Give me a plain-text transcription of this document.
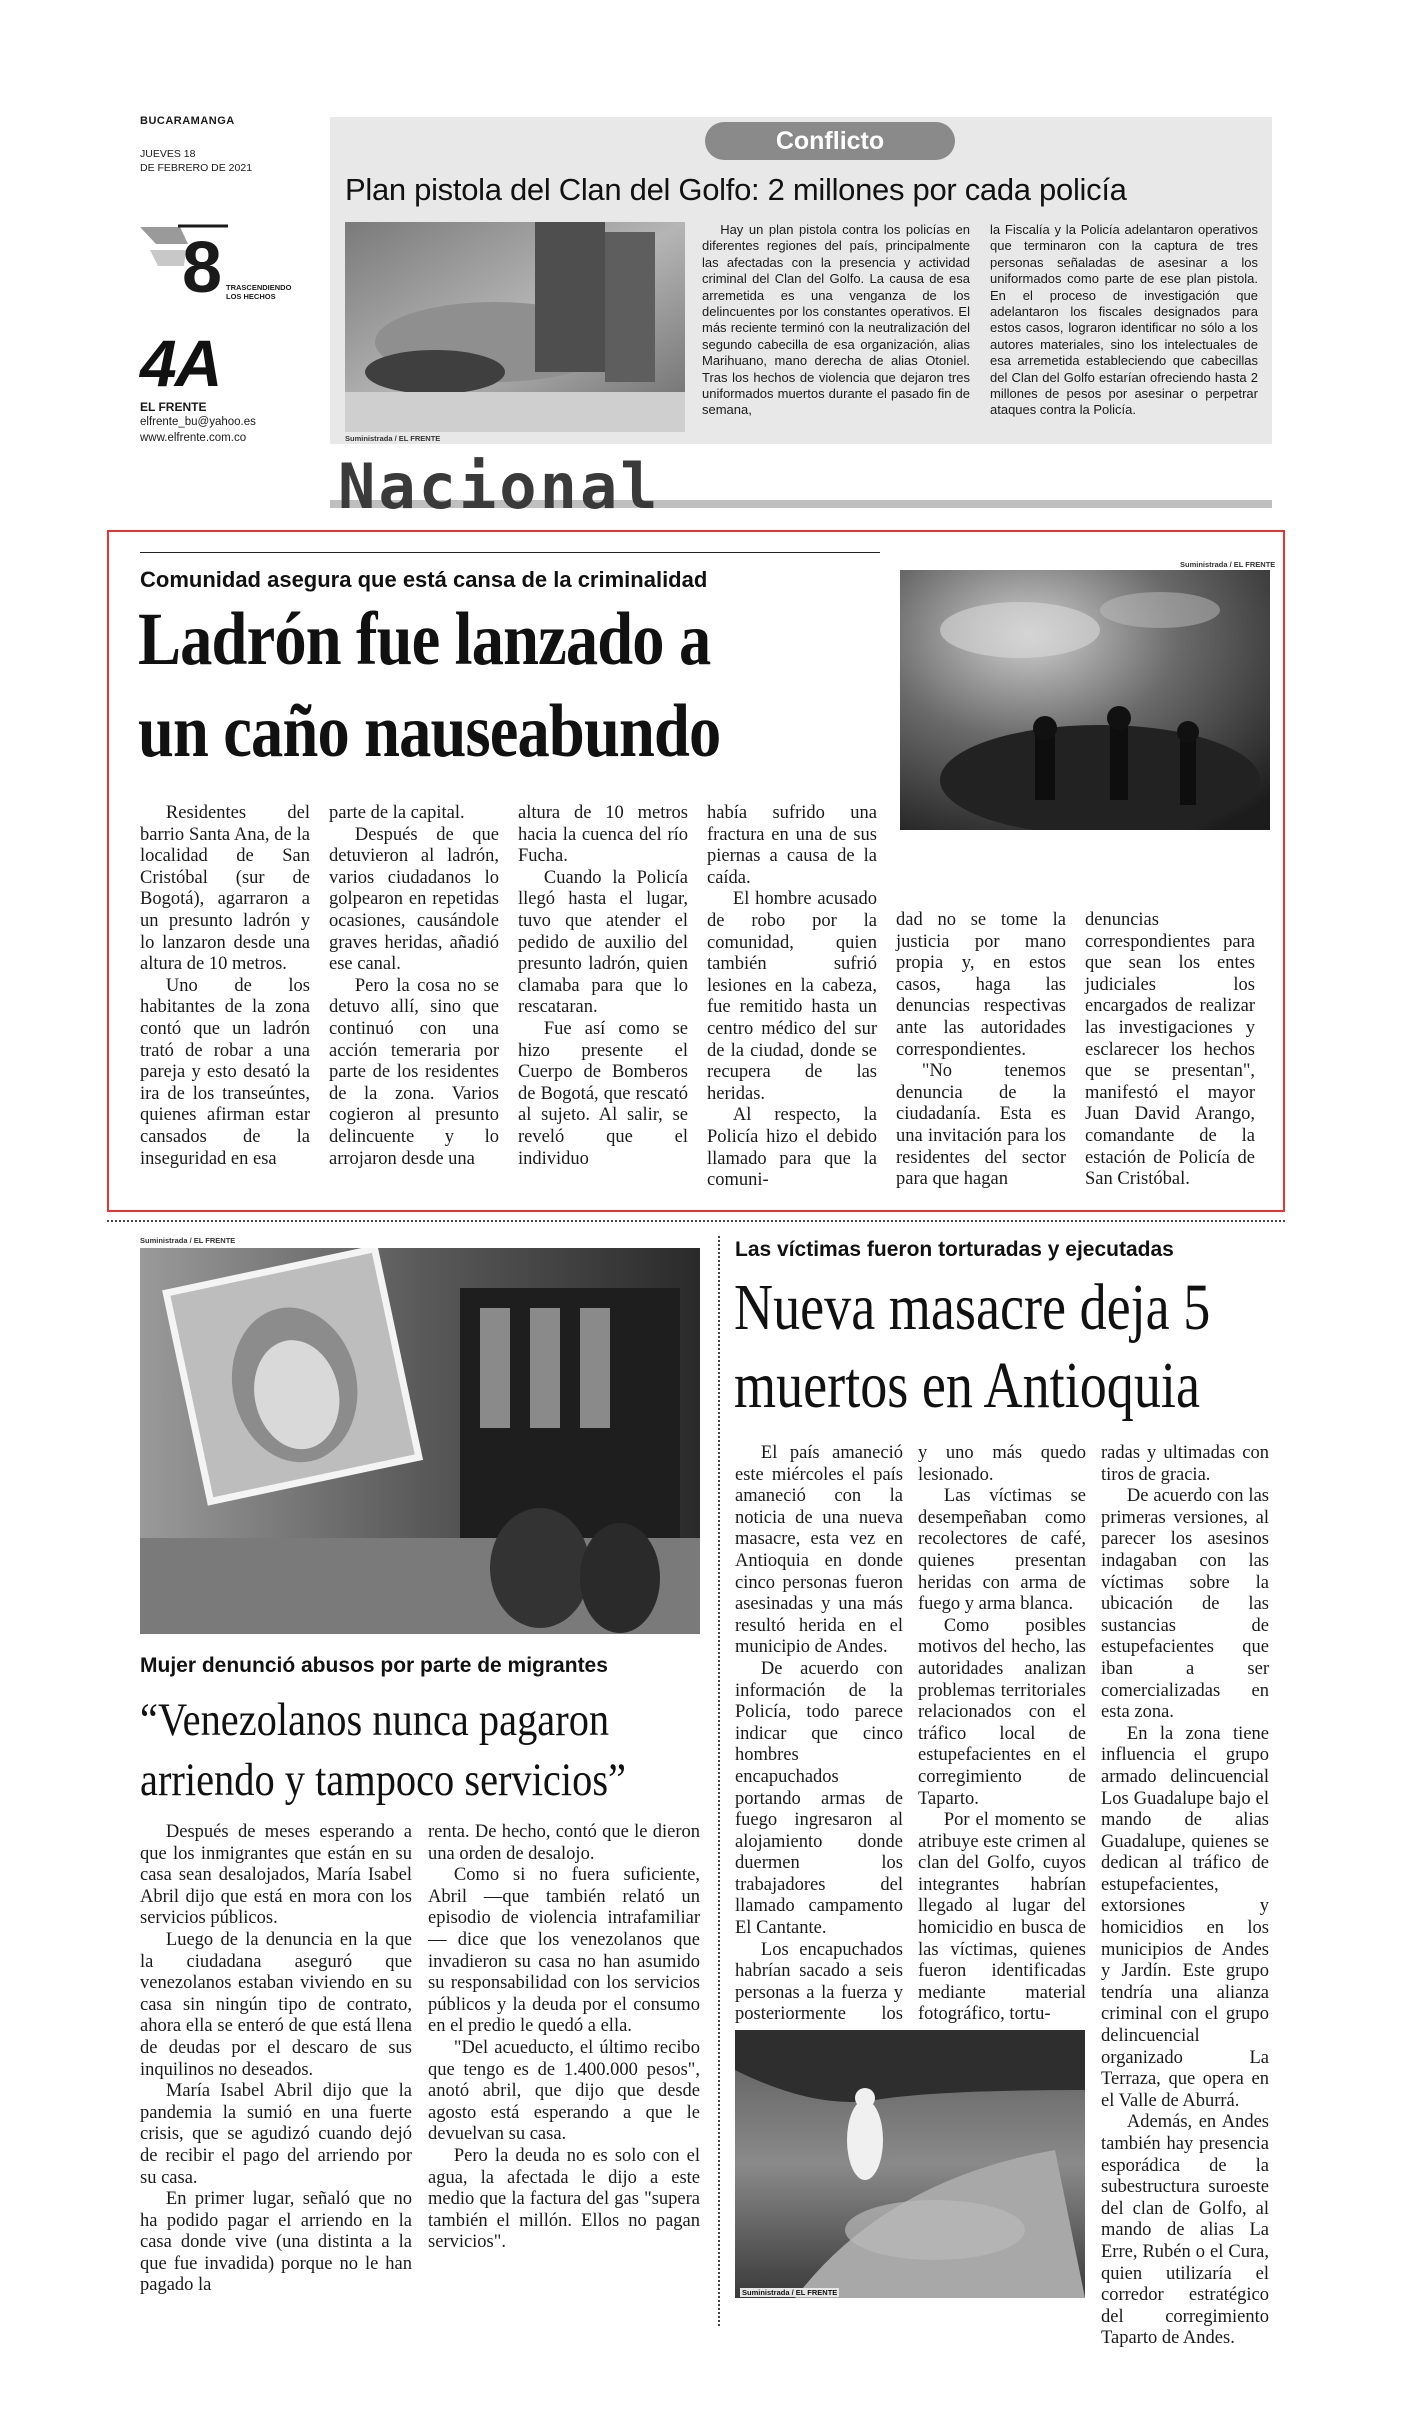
BUCARAMANGA
JUEVES 18
DE FEBRERO DE 2021
8 TRASCENDIENDO
LOS HECHOS
4A
EL FRENTE
elfrente_bu@yahoo.es
www.elfrente.com.co
Conflicto
Plan pistola del Clan del Golfo: 2 millones por cada policía
Suministrada / EL FRENTE
Hay un plan pistola contra los policías en diferentes regiones del país, principalmente las afectadas con la presencia y actividad criminal del Clan del Golfo. La causa de esa arremetida es una venganza de los delincuentes por los constantes operativos. El más reciente terminó con la neutralización del segundo cabecilla de esa organización, alias Marihuano, mano derecha de alias Otoniel. Tras los hechos de violencia que dejaron tres uniformados muertos durante el pasado fin de semana,
la Fiscalía y la Policía adelantaron operativos que terminaron con la captura de tres personas señaladas de asesinar a los uniformados como parte de ese plan pistola. En el proceso de investigación que adelantaron los fiscales designados para estos casos, lograron identificar no sólo a los autores materiales, sino los intelectuales de esa arremetida estableciendo que cabecillas del Clan del Golfo estarían ofreciendo hasta 2 millones de pesos por asesinar o perpetrar ataques contra la Policía.
Nacional
Comunidad asegura que está cansa de la criminalidad
Ladrón fue lanzado a
un caño nauseabundo
Suministrada / EL FRENTE

Residentes del barrio Santa Ana, de la localidad de San Cristóbal (sur de Bogotá), agarraron a un presunto ladrón y lo lanzaron desde una altura de 10 metros.

Uno de los habitantes de la zona contó que un ladrón trató de robar a una pareja y esto desató la ira de los transeúntes, quienes afirman estar cansados de la inseguridad en esa

parte de la capital.

Después de que detuvieron al ladrón, varios ciudadanos lo golpearon en repetidas ocasiones, causándole graves heridas, añadió ese canal.

Pero la cosa no se detuvo allí, sino que continuó con una acción temeraria por parte de los residentes de la zona. Varios cogieron al presunto delincuente y lo arrojaron desde una

altura de 10 metros hacia la cuenca del río Fucha.

Cuando la Policía llegó hasta el lugar, tuvo que atender el pedido de auxilio del presunto ladrón, quien clamaba para que lo rescataran.

Fue así como se hizo presente el Cuerpo de Bomberos de Bogotá, que rescató al sujeto. Al salir, se reveló que el individuo

había sufrido una fractura en una de sus piernas a causa de la caída.

El hombre acusado de robo por la comunidad, quien también sufrió lesiones en la cabeza, fue remitido hasta un centro médico del sur de la ciudad, donde se recupera de las heridas.

Al respecto, la Policía hizo el debido llamado para que la comuni-

dad no se tome la justicia por mano propia y, en estos casos, haga las denuncias respectivas ante las autoridades correspondientes.

"No tenemos denuncia de la ciudadanía. Esta es una invitación para los residentes del sector para que hagan

denuncias correspondientes para que sean los entes judiciales los encargados de realizar las investigaciones y esclarecer los hechos que se presentan", manifestó el mayor Juan David Arango, comandante de la estación de Policía de San Cristóbal.

Suministrada / EL FRENTE
Mujer denunció abusos por parte de migrantes
“Venezolanos nunca pagaron
arriendo y tampoco servicios”

Después de meses esperando a que los inmigrantes que están en su casa sean desalojados, María Isabel Abril dijo que está en mora con los servicios públicos.

Luego de la denuncia en la que la ciudadana aseguró que venezolanos estaban viviendo en su casa sin ningún tipo de contrato, ahora ella se enteró de que está llena de deudas por el descaro de sus inquilinos no deseados.

María Isabel Abril dijo que la pandemia la sumió en una fuerte crisis, que se agudizó cuando dejó de recibir el pago del arriendo por su casa.

En primer lugar, señaló que no ha podido pagar el arriendo en la casa donde vive (una distinta a la que fue invadida) porque no le han pagado la

renta. De hecho, contó que le dieron una orden de desalojo.

Como si no fuera suficiente, Abril —que también relató un episodio de violencia intrafamiliar— dice que los venezolanos que invadieron su casa no han asumido su responsabilidad con los servicios públicos y la deuda por el consumo en el predio le quedó a ella.

"Del acueducto, el último recibo que tengo es de 1.400.000 pesos", anotó abril, que dijo que desde agosto está esperando a que le devuelvan su casa.

Pero la deuda no es solo con el agua, la afectada le dijo a este medio que la factura del gas "supera también el millón. Ellos no pagan servicios".

Las víctimas fueron torturadas y ejecutadas
Nueva masacre deja 5
muertos en Antioquia

El país amaneció este miércoles el país amaneció con la noticia de una nueva masacre, esta vez en Antioquia en donde cinco personas fueron asesinadas y una más resultó herida en el municipio de Andes.

De acuerdo con información de la Policía, todo parece indicar que cinco hombres encapuchados portando armas de fuego ingresaron al alojamiento donde duermen los trabajadores del llamado campamento El Cantante.

Los encapuchados habrían sacado a seis personas a la fuerza y posteriormente los

y uno más quedo lesionado.

Las víctimas se desempeñaban como recolectores de café, quienes presentan heridas con arma de fuego y arma blanca.

Como posibles motivos del hecho, las autoridades analizan problemas territoriales relacionados con el tráfico local de estupefacientes en el corregimiento de Taparto.

Por el momento se atribuye este crimen al clan del Golfo, cuyos integrantes habrían llegado al lugar del homicidio en busca de las víctimas, quienes fueron identificadas mediante material fotográfico, tortu-

radas y ultimadas con tiros de gracia.

De acuerdo con las primeras versiones, al parecer los asesinos indagaban con las víctimas sobre la ubicación de las sustancias de estupefacientes que iban a ser comercializadas en esta zona.

En la zona tiene influencia el grupo armado delincuencial Los Guadalupe bajo el mando de alias Guadalupe, quienes se dedican al tráfico de estupefacientes, extorsiones y homicidios en los municipios de Andes y Jardín. Este grupo tendría una alianza criminal con el grupo delincuencial organizado La Terraza, que opera en el Valle de Aburrá.

Además, en Andes también hay presencia esporádica de la subestructura suroeste del clan de Golfo, al mando de alias La Erre, Rubén o el Cura, quien utilizaría el corredor estratégico del corregimiento Taparto de Andes.

Suministrada / EL FRENTE
